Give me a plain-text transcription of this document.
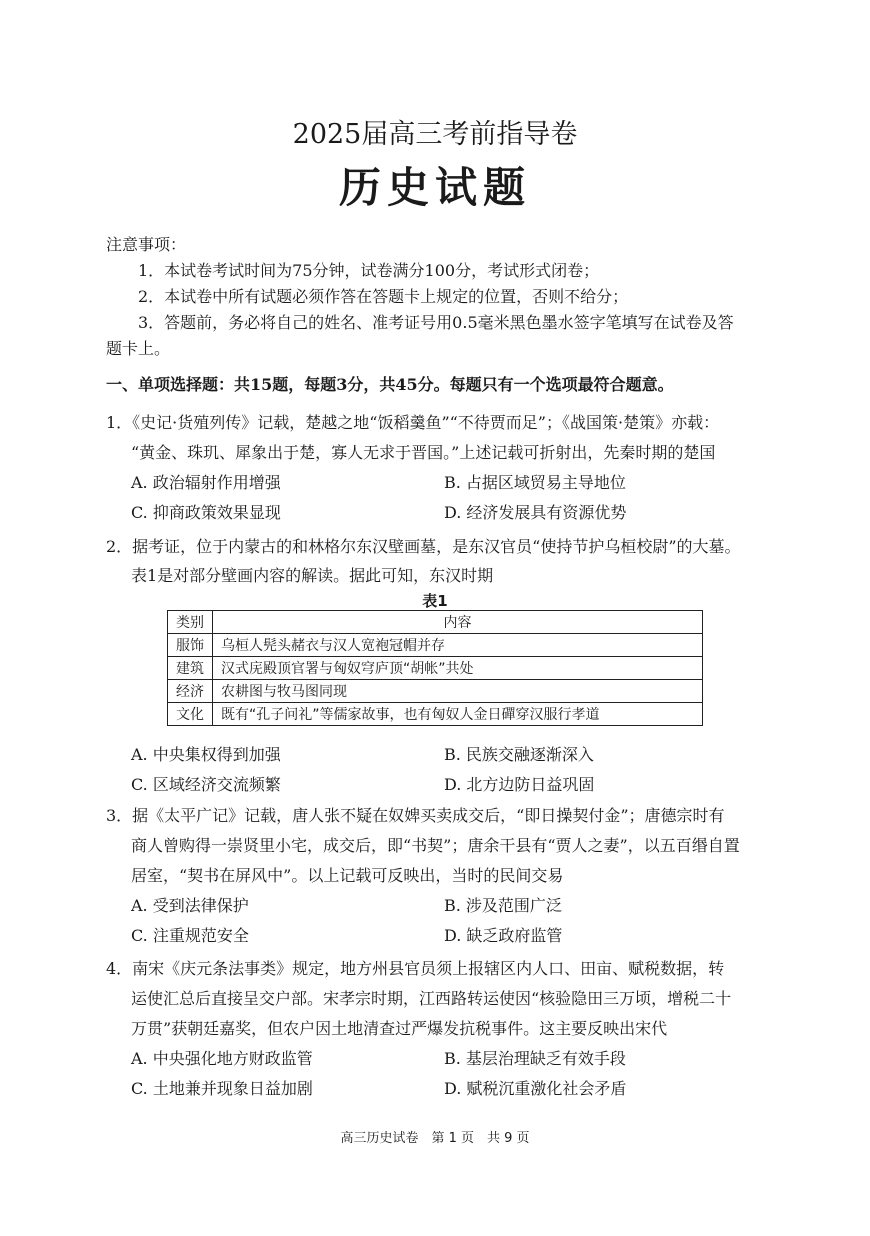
2025届高三考前指导卷
历史试题
注意事项：
1．本试卷考试时间为75分钟，试卷满分100分，考试形式闭卷；
2．本试卷中所有试题必须作答在答题卡上规定的位置，否则不给分；
3．答题前，务必将自己的姓名、准考证号用0.5毫米黑色墨水签字笔填写在试卷及答
题卡上。
一、单项选择题：共15题，每题3分，共45分。每题只有一个选项最符合题意。
1．《史记·货殖列传》记载，楚越之地“饭稻羹鱼”“不待贾而足”；《战国策·楚策》亦载：
“黄金、珠玑、犀象出于楚，寡人无求于晋国。”上述记载可折射出，先秦时期的楚国
A. 政治辐射作用增强	B. 占据区域贸易主导地位
C. 抑商政策效果显现	D. 经济发展具有资源优势
2．据考证，位于内蒙古的和林格尔东汉壁画墓，是东汉官员“使持节护乌桓校尉”的大墓。
表1是对部分壁画内容的解读。据此可知，东汉时期
表1
类别	内容
服饰	乌桓人髡头赭衣与汉人宽袍冠帽并存
建筑	汉式庑殿顶官署与匈奴穹庐顶“胡帐”共处
经济	农耕图与牧马图同现
文化	既有“孔子问礼”等儒家故事，也有匈奴人金日磾穿汉服行孝道
A. 中央集权得到加强	B. 民族交融逐渐深入
C. 区域经济交流频繁	D. 北方边防日益巩固
3．据《太平广记》记载，唐人张不疑在奴婢买卖成交后，“即日操契付金”；唐德宗时有
商人曾购得一崇贤里小宅，成交后，即“书契”；唐余干县有“贾人之妻”，以五百缗自置
居室，“契书在屏风中”。以上记载可反映出，当时的民间交易
A. 受到法律保护	B. 涉及范围广泛
C. 注重规范安全	D. 缺乏政府监管
4．南宋《庆元条法事类》规定，地方州县官员须上报辖区内人口、田亩、赋税数据，转
运使汇总后直接呈交户部。宋孝宗时期，江西路转运使因“核验隐田三万顷，增税二十
万贯”获朝廷嘉奖，但农户因土地清查过严爆发抗税事件。这主要反映出宋代
A. 中央强化地方财政监管	B. 基层治理缺乏有效手段
C. 土地兼并现象日益加剧	D. 赋税沉重激化社会矛盾
高三历史试卷　第 1 页　共 9 页
